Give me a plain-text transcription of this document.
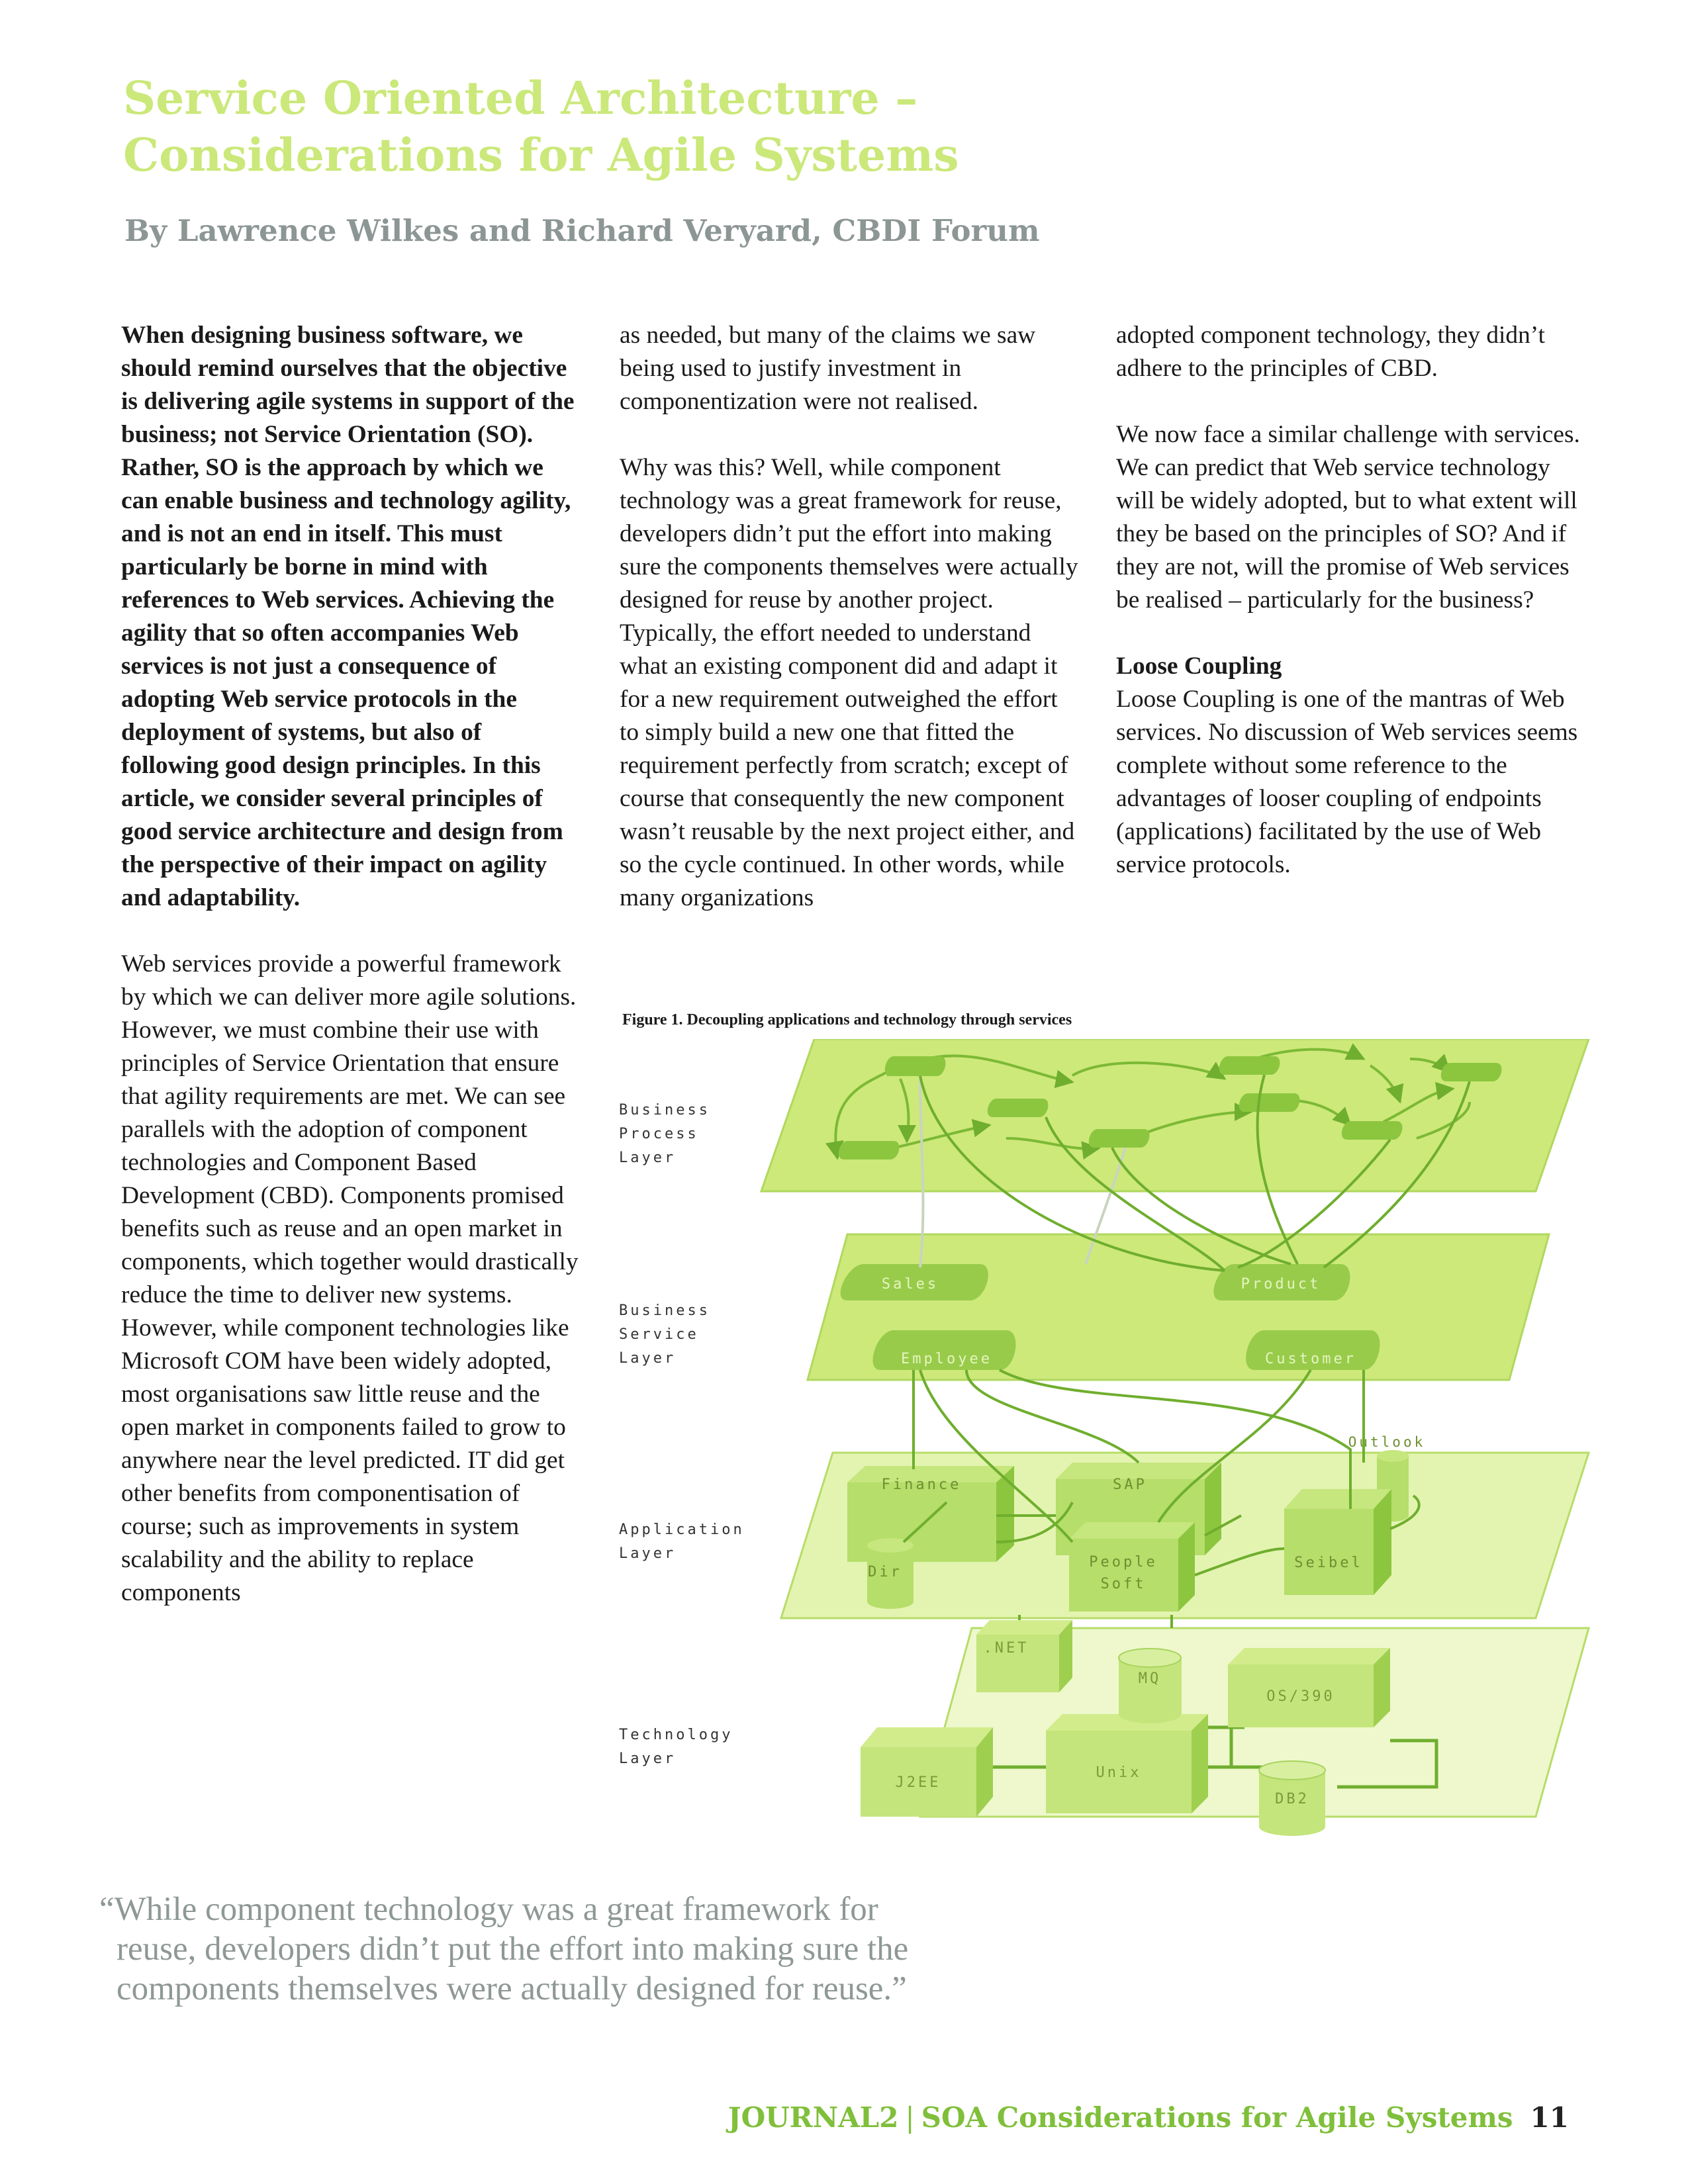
Service Oriented Architecture –
Considerations for Agile Systems

By Lawrence Wilkes and Richard Veryard, CBDI Forum

When designing business software, we should remind ourselves that the objective is delivering agile systems in support of the business; not Service Orientation (SO). Rather, SO is the approach by which we can enable business and technology agility, and is not an end in itself. This must particularly be borne in mind with references to Web services. Achieving the agility that so often accompanies Web services is not just a consequence of adopting Web service protocols in the deployment of systems, but also of following good design principles. In this article, we consider several principles of good service architecture and design from the perspective of their impact on agility and adaptability.

Web services provide a powerful framework by which we can deliver more agile solutions. However, we must combine their use with principles of Service Orientation that ensure that agility requirements are met. We can see parallels with the adoption of component technologies and Component Based Development (CBD). Components promised benefits such as reuse and an open market in components, which together would drastically reduce the time to deliver new systems. However, while component technologies like Microsoft COM have been widely adopted, most organisations saw little reuse and the open market in components failed to grow to anywhere near the level predicted. IT did get other benefits from componentisation of course; such as improvements in system scalability and the ability to replace components

as needed, but many of the claims we saw being used to justify investment in componentization were not realised.

Why was this? Well, while component technology was a great framework for reuse, developers didn’t put the effort into making sure the components themselves were actually designed for reuse by another project. Typically, the effort needed to understand what an existing component did and adapt it for a new requirement outweighed the effort to simply build a new one that fitted the requirement perfectly from scratch; except of course that consequently the new component wasn’t reusable by the next project either, and so the cycle continued. In other words, while many organizations

adopted component technology, they didn’t adhere to the principles of CBD.

We now face a similar challenge with services. We can predict that Web service technology will be widely adopted, but to what extent will they be based on the principles of SO? And if they are not, will the promise of Web services be realised – particularly for the business?

Loose Coupling

Loose Coupling is one of the mantras of Web services. No discussion of Web services seems complete without some reference to the advantages of looser coupling of endpoints (applications) facilitated by the use of Web service protocols.

Figure 1. Decoupling applications and technology through services

Business
Process
Layer
Business
Service
Layer
Application
Layer
Technology
Layer
J2EE
Unix
.NET
MQ
OS/390
DB2
Finance	SAP
Outlook
Dir
People
Soft
Seibel
Sales	Product
Employee	Customer

“While component technology was a great framework for
reuse, developers didn’t put the effort into making sure the
components themselves were actually designed for reuse.”

JOURNAL2 | SOA Considerations for Agile Systems 11
